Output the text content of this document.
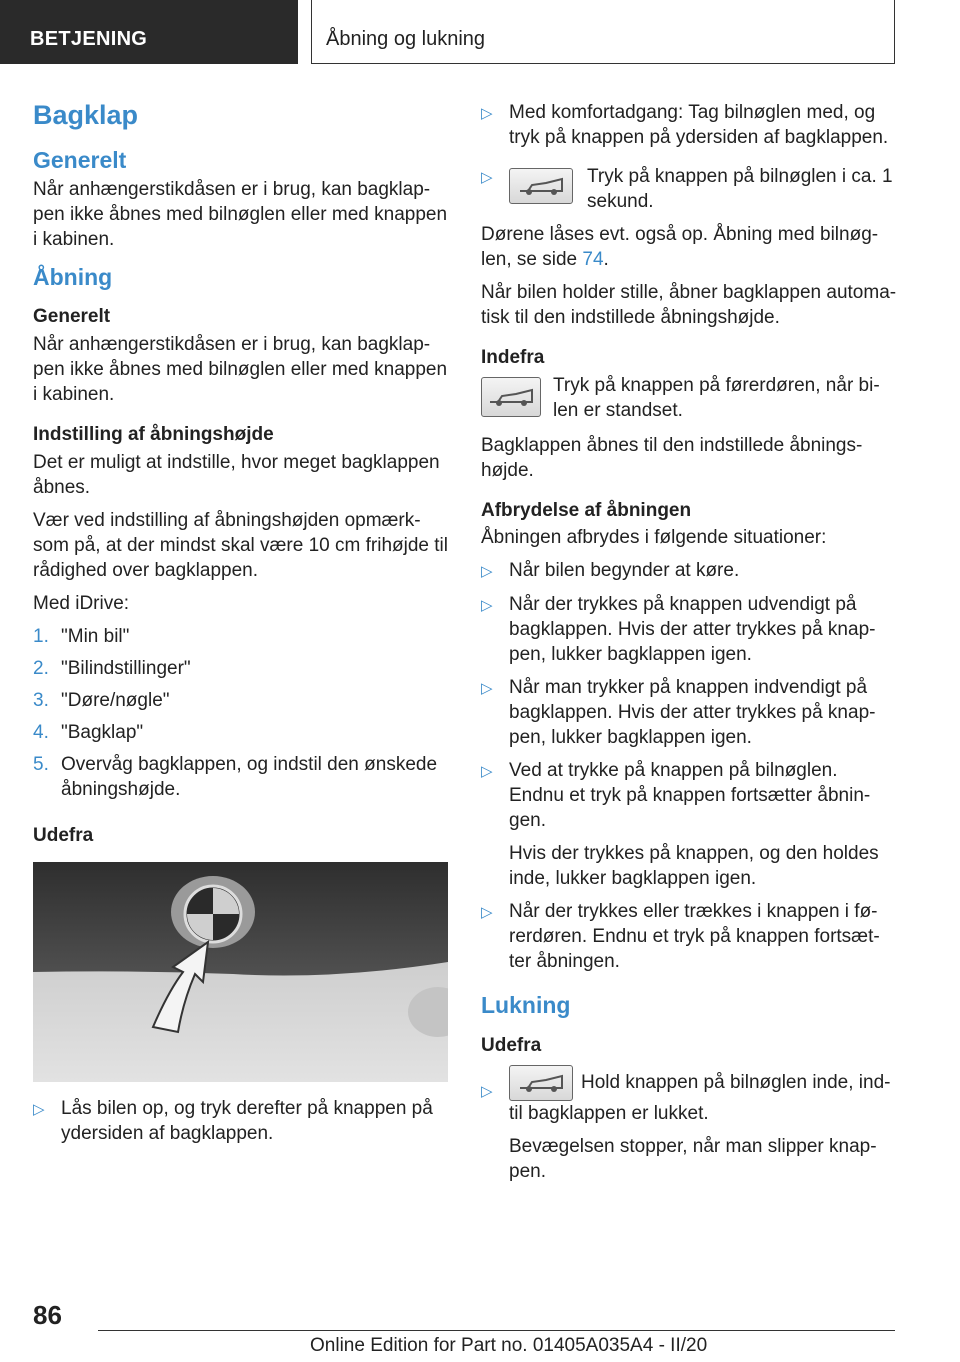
BETJENING	Åbning og lukning
Bagklap
Generelt

Når anhængerstikdåsen er i brug, kan bagklap-pen ikke åbnes med bilnøglen eller med knappen i kabinen.

Åbning
Generelt

Når anhængerstikdåsen er i brug, kan bagklap-pen ikke åbnes med bilnøglen eller med knappen i kabinen.

Indstilling af åbningshøjde

Det er muligt at indstille, hvor meget bagklappen åbnes.

Vær ved indstilling af åbningshøjden opmærk-som på, at der mindst skal være 10 cm frihøjde til rådighed over bagklappen.

Med iDrive:

1. "Min bil"
2. "Bilindstillinger"
3. "Døre/nøgle"
4. "Bagklap"
5. Overvåg bagklappen, og indstil den ønskede åbningshøjde.
Udefra
▷ Lås bilen op, og tryk derefter på knappen på ydersiden af bagklappen.
▷ Med komfortadgang: Tag bilnøglen med, og tryk på knappen på ydersiden af bagklappen.
▷	Tryk på knappen på bilnøglen i ca. 1 sekund.

Dørene låses evt. også op. Åbning med bilnøg-len, se side 74.

Når bilen holder stille, åbner bagklappen automa-tisk til den indstillede åbningshøjde.

Indefra
Tryk på knappen på førerdøren, når bi-len er standset.

Bagklappen åbnes til den indstillede åbnings-højde.

Afbrydelse af åbningen

Åbningen afbrydes i følgende situationer:

▷ Når bilen begynder at køre.
▷ Når der trykkes på knappen udvendigt på bagklappen. Hvis der atter trykkes på knap-pen, lukker bagklappen igen.
▷ Når man trykker på knappen indvendigt på bagklappen. Hvis der atter trykkes på knap-pen, lukker bagklappen igen.
▷ Ved at trykke på knappen på bilnøglen. Endnu et tryk på knappen fortsætter åbnin-gen.
Hvis der trykkes på knappen, og den holdes inde, lukker bagklappen igen.
▷ Når der trykkes eller trækkes i knappen i fø-rerdøren. Endnu et tryk på knappen fortsæt-ter åbningen.
Lukning
Udefra
▷	Hold knappen på bilnøglen inde, ind-til bagklappen er lukket.
Bevægelsen stopper, når man slipper knap-pen.
86
Online Edition for Part no. 01405A035A4 - II/20
